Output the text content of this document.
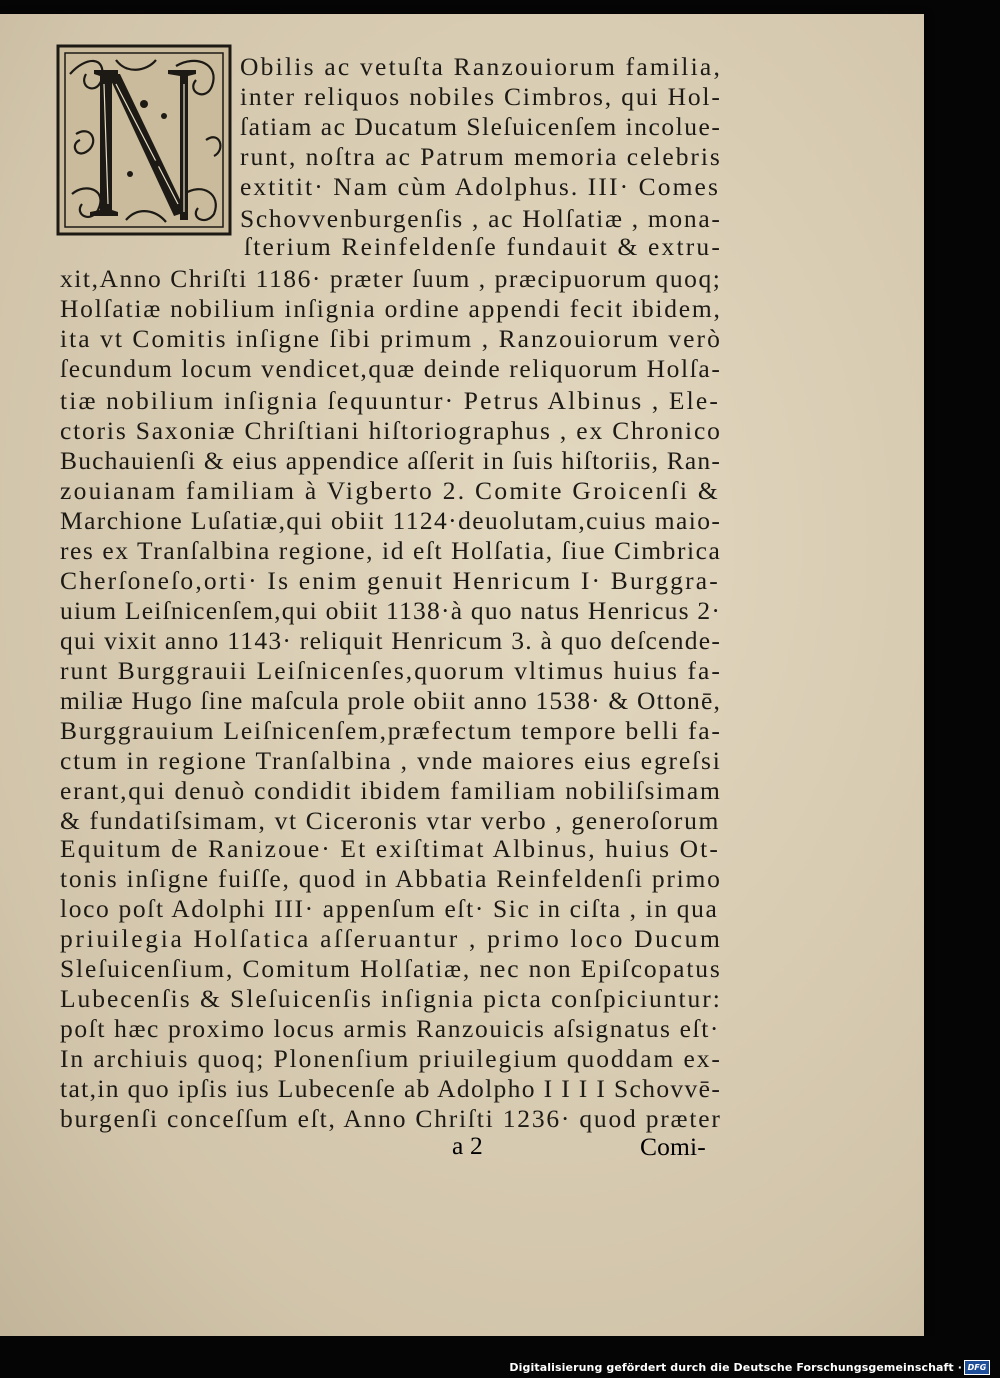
Obilis ac vetuſta Ranzouiorum familia,
inter reliquos nobiles Cimbros, qui Hol-
ſatiam ac Ducatum Sleſuicenſem incolue-
runt, noſtra ac Patrum memoria celebris
extitit· Nam cùm Adolphus. III· Comes
Schovvenburgenſis , ac Holſatiæ , mona-
ſterium Reinfeldenſe fundauit & extru-
xit,Anno Chriſti 1186· præter ſuum , præcipuorum quoq;
Holſatiæ nobilium inſignia ordine appendi fecit ibidem,
ita vt Comitis inſigne ſibi primum , Ranzouiorum verò
ſecundum locum vendicet,quæ deinde reliquorum Holſa-
tiæ nobilium inſignia ſequuntur· Petrus Albinus , Ele-
ctoris Saxoniæ Chriſtiani hiſtoriographus , ex Chronico
Buchauienſi & eius appendice aſſerit in ſuis hiſtoriis, Ran-
zouianam familiam à Vigberto 2. Comite Groicenſi &
Marchione Luſatiæ,qui obiit 1124·deuolutam,cuius maio-
res ex Tranſalbina regione, id eſt Holſatia, ſiue Cimbrica
Cherſoneſo,orti· Is enim genuit Henricum I· Burggra-
uium Leiſnicenſem,qui obiit 1138·à quo natus Henricus 2·
qui vixit anno 1143· reliquit Henricum 3. à quo deſcende-
runt Burggrauii Leiſnicenſes,quorum vltimus huius fa-
miliæ Hugo ſine maſcula prole obiit anno 1538· & Ottonē,
Burggrauium Leiſnicenſem,præfectum tempore belli fa-
ctum in regione Tranſalbina , vnde maiores eius egreſsi
erant,qui denuò condidit ibidem familiam nobiliſsimam
& fundatiſsimam, vt Ciceronis vtar verbo , generoſorum
Equitum de Ranizoue· Et exiſtimat Albinus, huius Ot-
tonis inſigne fuiſſe, quod in Abbatia Reinfeldenſi primo
loco poſt Adolphi III· appenſum eſt· Sic in ciſta , in qua
priuilegia Holſatica aſſeruantur , primo loco Ducum
Sleſuicenſium, Comitum Holſatiæ, nec non Epiſcopatus
Lubecenſis & Sleſuicenſis inſignia picta conſpiciuntur:
poſt hæc proximo locus armis Ranzouicis aſsignatus eſt·
In archiuis quoq; Plonenſium priuilegium quoddam ex-
tat,in quo ipſis ius Lubecenſe ab Adolpho I I I I Schovvē-
burgenſi conceſſum eſt, Anno Chriſti 1236· quod præter
a 2	Comi-
Digitalisierung gefördert durch die Deutsche Forschungsgemeinschaft · DFG
